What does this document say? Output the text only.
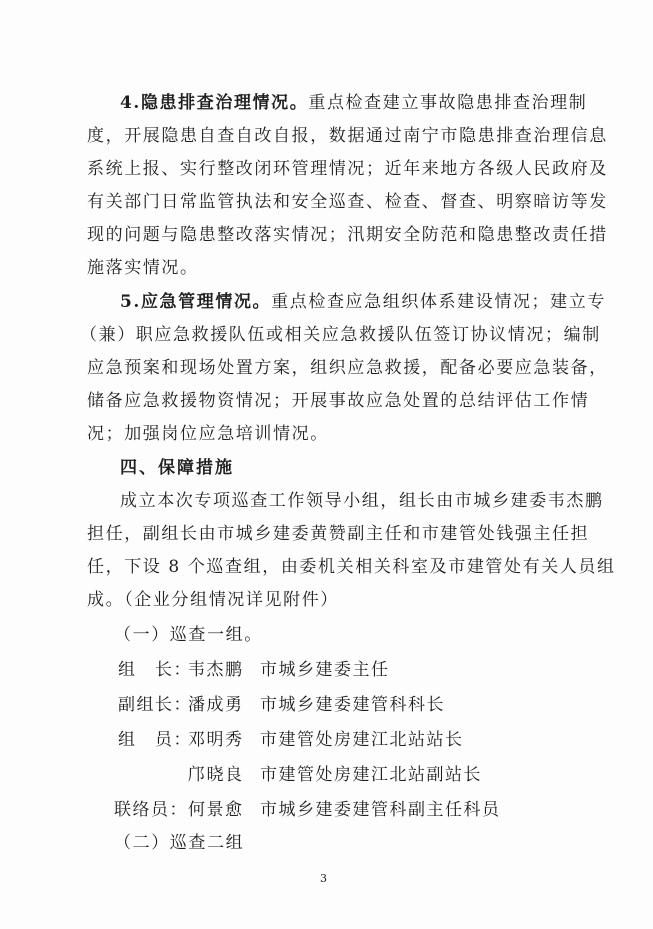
4.隐患排查治理情况。重点检查建立事故隐患排查治理制
度，开展隐患自查自改自报，数据通过南宁市隐患排查治理信息
系统上报、实行整改闭环管理情况；近年来地方各级人民政府及
有关部门日常监管执法和安全巡查、检查、督查、明察暗访等发
现的问题与隐患整改落实情况；汛期安全防范和隐患整改责任措
施落实情况。
5.应急管理情况。重点检查应急组织体系建设情况；建立专
（兼）职应急救援队伍或相关应急救援队伍签订协议情况；编制
应急预案和现场处置方案，组织应急救援，配备必要应急装备，
储备应急救援物资情况；开展事故应急处置的总结评估工作情
况；加强岗位应急培训情况。
四、保障措施
成立本次专项巡查工作领导小组，组长由市城乡建委韦杰鹏
担任，副组长由市城乡建委黄赞副主任和市建管处钱强主任担
任，下设 8 个巡查组，由委机关相关科室及市建管处有关人员组
成。（企业分组情况详见附件）
（一）巡查一组。
组　长：
韦杰鹏 市城乡建委主任
副组长：
潘成勇 市城乡建委建管科科长
组　员：
邓明秀 市建管处房建江北站站长
邝晓良 市建管处房建江北站副站长
联络员： 何景愈 市城乡建委建管科副主任科员
（二）巡查二组
3
